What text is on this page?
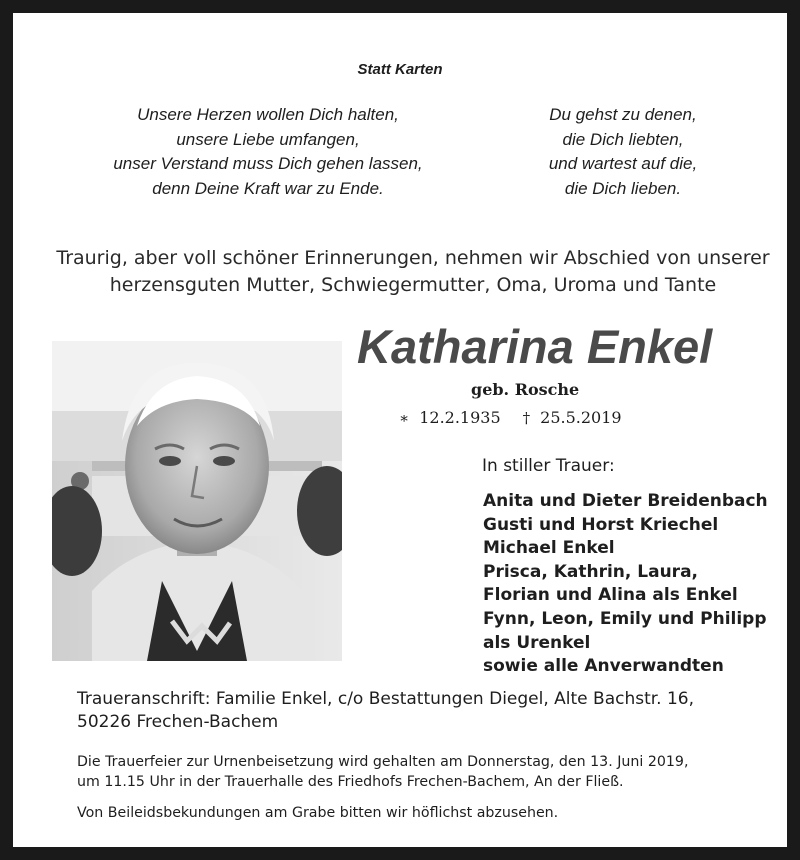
Statt Karten
Unsere Herzen wollen Dich halten,
unsere Liebe umfangen,
unser Verstand muss Dich gehen lassen,
denn Deine Kraft war zu Ende.
Du gehst zu denen,
die Dich liebten,
und wartest auf die,
die Dich lieben.
Traurig, aber voll schöner Erinnerungen, nehmen wir Abschied von unserer
herzensguten Mutter, Schwiegermutter, Oma, Uroma und Tante
Katharina Enkel
geb. Rosche
∗ 12.2.1935 † 25.5.2019
In stiller Trauer:
Anita und Dieter Breidenbach
Gusti und Horst Kriechel
Michael Enkel
Prisca, Kathrin, Laura,
Florian und Alina als Enkel
Fynn, Leon, Emily und Philipp
als Urenkel
sowie alle Anverwandten
Traueranschrift: Familie Enkel, c/o Bestattungen Diegel, Alte Bachstr. 16,
50226 Frechen-Bachem
Die Trauerfeier zur Urnenbeisetzung wird gehalten am Donnerstag, den 13. Juni 2019,
um 11.15 Uhr in der Trauerhalle des Friedhofs Frechen-Bachem, An der Fließ.
Von Beileidsbekundungen am Grabe bitten wir höflichst abzusehen.
